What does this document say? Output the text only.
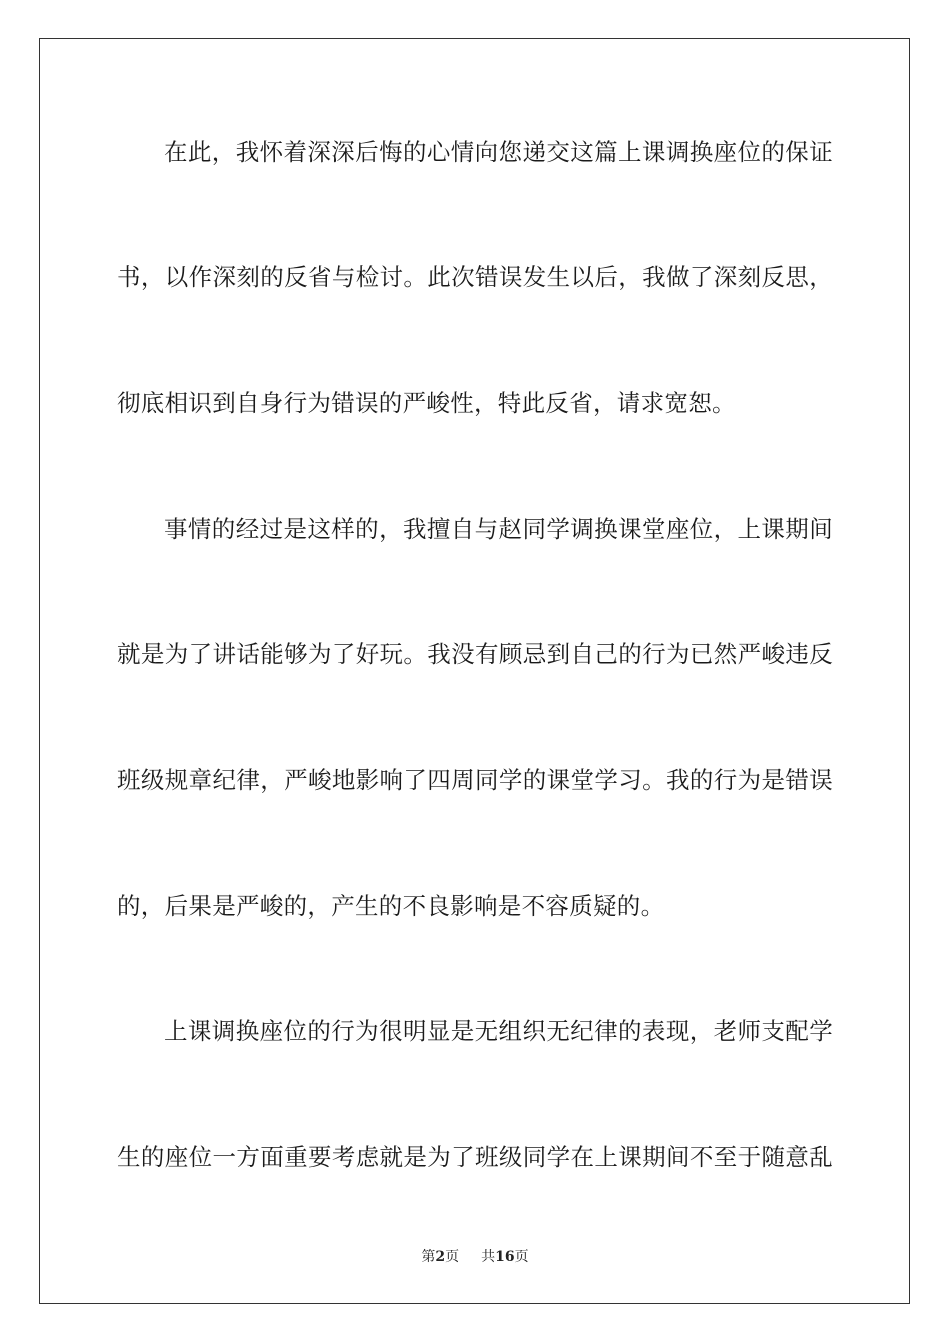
在此，我怀着深深后悔的心情向您递交这篇上课调换座位的保证
书，以作深刻的反省与检讨。此次错误发生以后，我做了深刻反思，
彻底相识到自身行为错误的严峻性，特此反省，请求宽恕。
事情的经过是这样的，我擅自与赵同学调换课堂座位，上课期间
就是为了讲话能够为了好玩。我没有顾忌到自己的行为已然严峻违反
班级规章纪律，严峻地影响了四周同学的课堂学习。我的行为是错误
的，后果是严峻的，产生的不良影响是不容质疑的。
上课调换座位的行为很明显是无组织无纪律的表现，老师支配学
生的座位一方面重要考虑就是为了班级同学在上课期间不至于随意乱
第2页 共16页
